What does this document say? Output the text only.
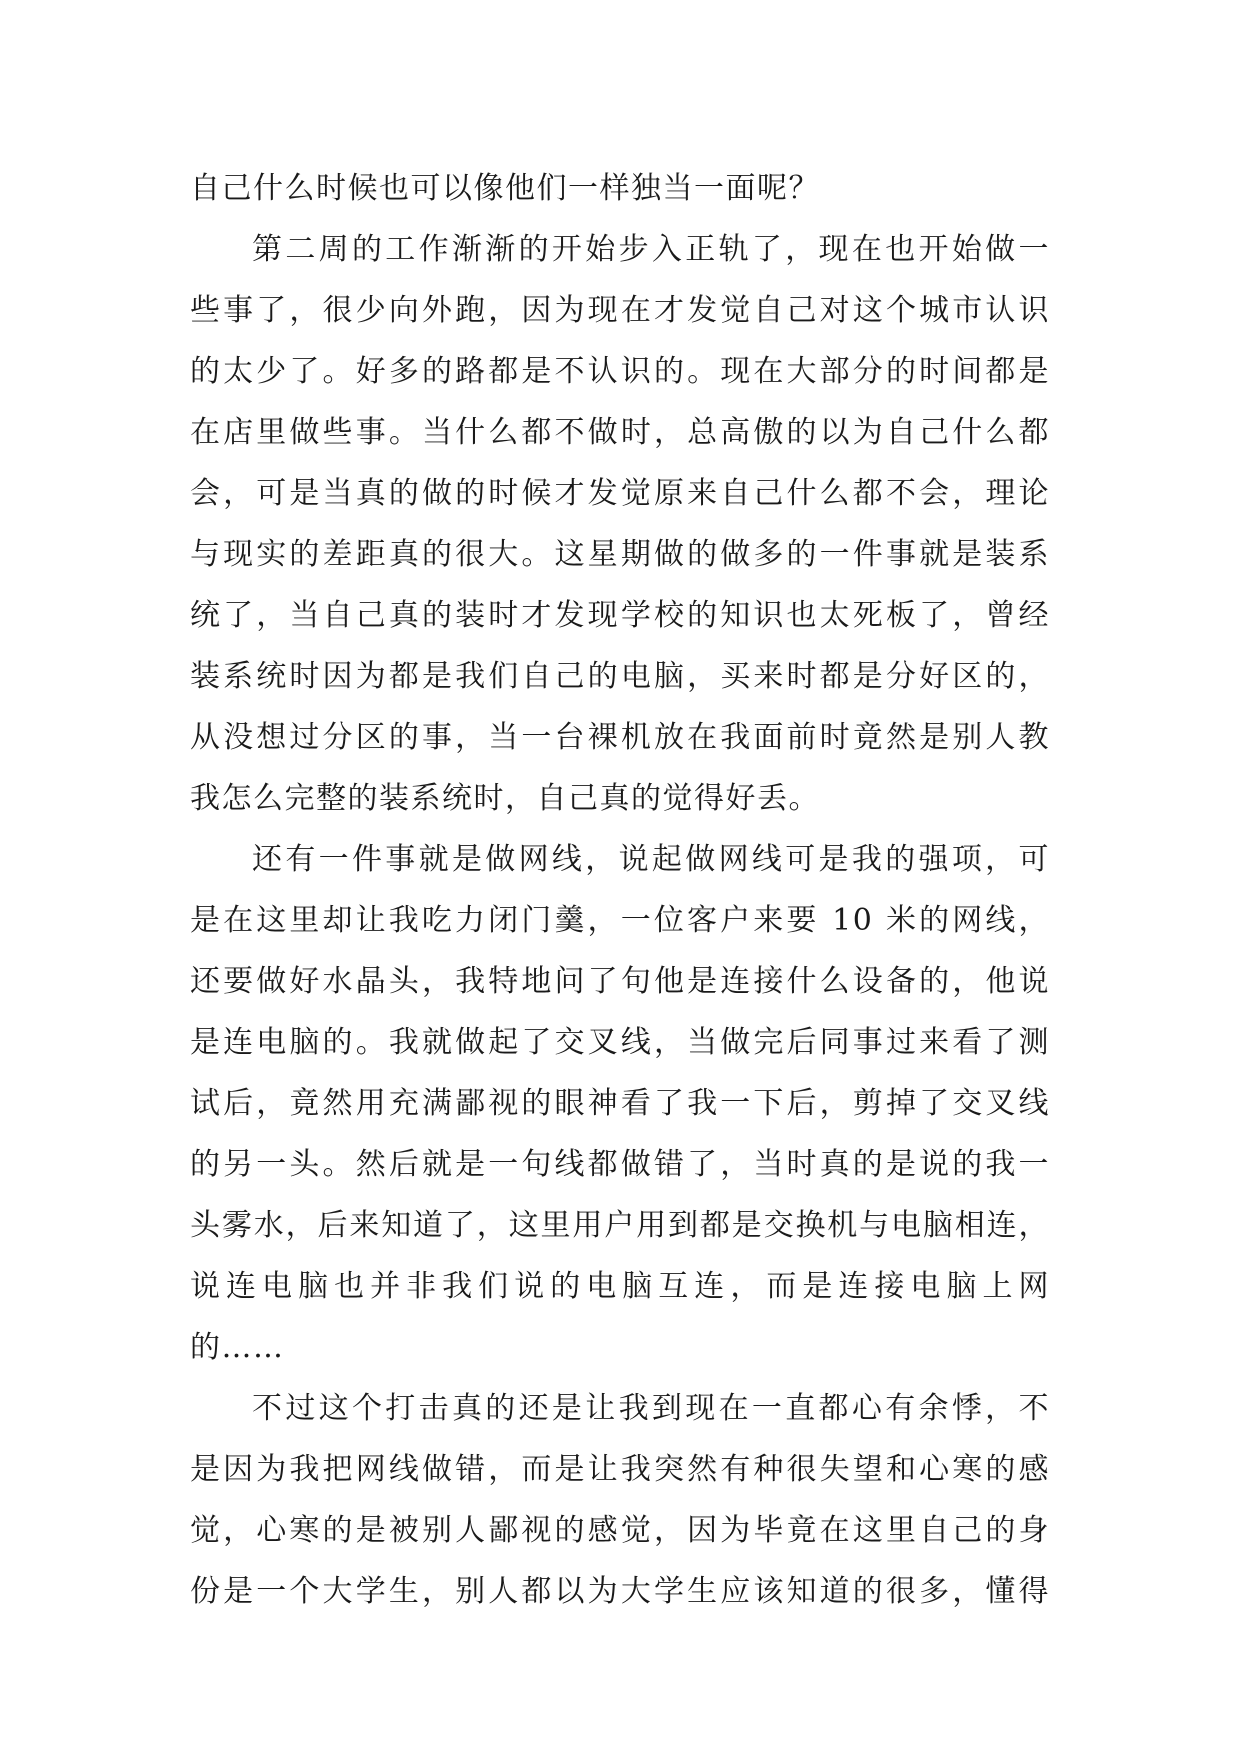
自己什么时候也可以像他们一样独当一面呢？
第二周的工作渐渐的开始步入正轨了，现在也开始做一
些事了，很少向外跑，因为现在才发觉自己对这个城市认识
的太少了。好多的路都是不认识的。现在大部分的时间都是
在店里做些事。当什么都不做时，总高傲的以为自己什么都
会，可是当真的做的时候才发觉原来自己什么都不会，理论
与现实的差距真的很大。这星期做的做多的一件事就是装系
统了，当自己真的装时才发现学校的知识也太死板了，曾经
装系统时因为都是我们自己的电脑，买来时都是分好区的，
从没想过分区的事，当一台裸机放在我面前时竟然是别人教
我怎么完整的装系统时，自己真的觉得好丢。
还有一件事就是做网线，说起做网线可是我的强项，可
是在这里却让我吃力闭门羹，一位客户来要 10 米的网线，
还要做好水晶头，我特地问了句他是连接什么设备的，他说
是连电脑的。我就做起了交叉线，当做完后同事过来看了测
试后，竟然用充满鄙视的眼神看了我一下后，剪掉了交叉线
的另一头。然后就是一句线都做错了，当时真的是说的我一
头雾水，后来知道了，这里用户用到都是交换机与电脑相连，
说连电脑也并非我们说的电脑互连，而是连接电脑上网
的……
不过这个打击真的还是让我到现在一直都心有余悸，不
是因为我把网线做错，而是让我突然有种很失望和心寒的感
觉，心寒的是被别人鄙视的感觉，因为毕竟在这里自己的身
份是一个大学生，别人都以为大学生应该知道的很多，懂得
